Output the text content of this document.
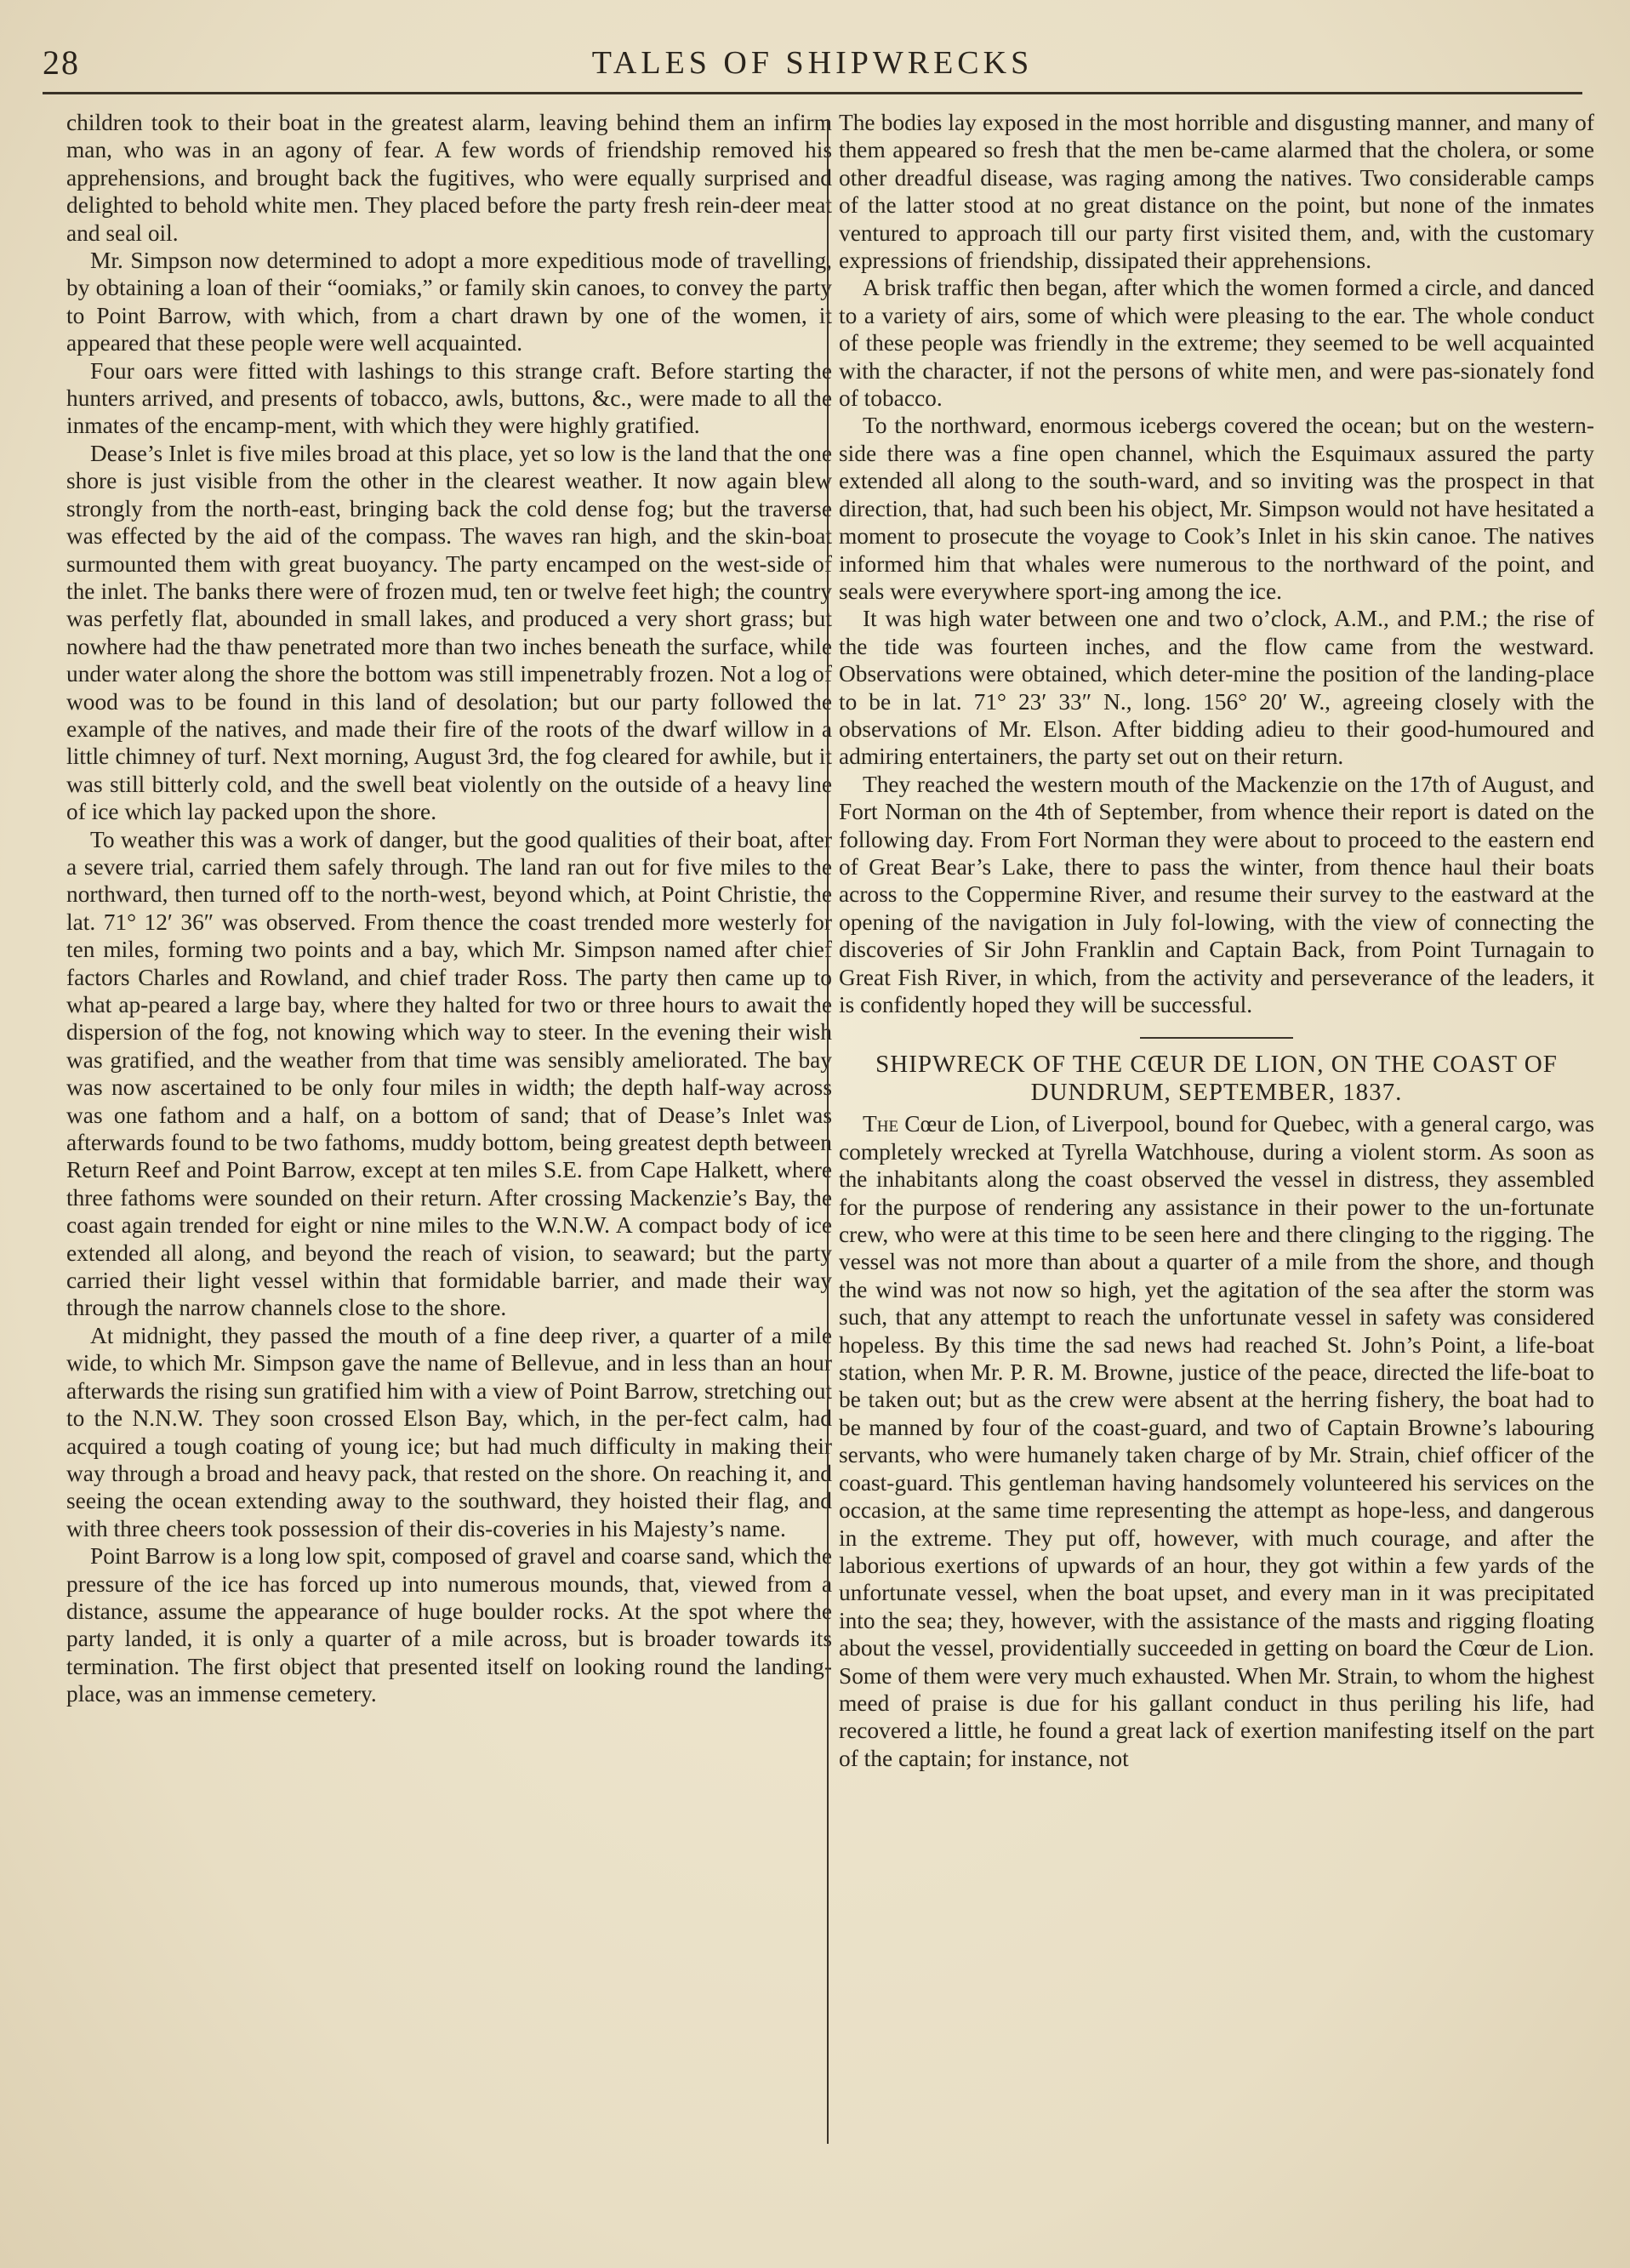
28	TALES OF SHIPWRECKS

children took to their boat in the greatest alarm, leaving behind them an infirm man, who was in an agony of fear. A few words of friendship removed his apprehensions, and brought back the fugitives, who were equally surprised and delighted to behold white men. They placed before the party fresh rein-deer meat and seal oil.

Mr. Simpson now determined to adopt a more expeditious mode of travelling, by obtaining a loan of their “oomiaks,” or family skin canoes, to convey the party to Point Barrow, with which, from a chart drawn by one of the women, it appeared that these people were well acquainted.

Four oars were fitted with lashings to this strange craft. Before starting the hunters arrived, and presents of tobacco, awls, buttons, &c., were made to all the inmates of the encamp-ment, with which they were highly gratified.

Dease’s Inlet is five miles broad at this place, yet so low is the land that the one shore is just visible from the other in the clearest weather. It now again blew strongly from the north-east, bringing back the cold dense fog; but the traverse was effected by the aid of the compass. The waves ran high, and the skin-boat surmounted them with great buoyancy. The party encamped on the west-side of the inlet. The banks there were of frozen mud, ten or twelve feet high; the country was perfetly flat, abounded in small lakes, and produced a very short grass; but nowhere had the thaw penetrated more than two inches beneath the surface, while under water along the shore the bottom was still impenetrably frozen. Not a log of wood was to be found in this land of desolation; but our party followed the example of the natives, and made their fire of the roots of the dwarf willow in a little chimney of turf. Next morning, August 3rd, the fog cleared for awhile, but it was still bitterly cold, and the swell beat violently on the outside of a heavy line of ice which lay packed upon the shore.

To weather this was a work of danger, but the good qualities of their boat, after a severe trial, carried them safely through. The land ran out for five miles to the northward, then turned off to the north-west, beyond which, at Point Christie, the lat. 71° 12′ 36″ was observed. From thence the coast trended more westerly for ten miles, forming two points and a bay, which Mr. Simpson named after chief factors Charles and Rowland, and chief trader Ross. The party then came up to what ap-peared a large bay, where they halted for two or three hours to await the dispersion of the fog, not knowing which way to steer. In the evening their wish was gratified, and the weather from that time was sensibly ameliorated. The bay was now ascertained to be only four miles in width; the depth half-way across was one fathom and a half, on a bottom of sand; that of Dease’s Inlet was afterwards found to be two fathoms, muddy bottom, being greatest depth between Return Reef and Point Barrow, except at ten miles S.E. from Cape Halkett, where three fathoms were sounded on their return. After crossing Mackenzie’s Bay, the coast again trended for eight or nine miles to the W.N.W. A compact body of ice extended all along, and beyond the reach of vision, to seaward; but the party carried their light vessel within that formidable barrier, and made their way through the narrow channels close to the shore.

At midnight, they passed the mouth of a fine deep river, a quarter of a mile wide, to which Mr. Simpson gave the name of Bellevue, and in less than an hour afterwards the rising sun gratified him with a view of Point Barrow, stretching out to the N.N.W. They soon crossed Elson Bay, which, in the per-fect calm, had acquired a tough coating of young ice; but had much difficulty in making their way through a broad and heavy pack, that rested on the shore. On reaching it, and seeing the ocean extending away to the southward, they hoisted their flag, and with three cheers took possession of their dis-coveries in his Majesty’s name.

Point Barrow is a long low spit, composed of gravel and coarse sand, which the pressure of the ice has forced up into numerous mounds, that, viewed from a distance, assume the appearance of huge boulder rocks. At the spot where the party landed, it is only a quarter of a mile across, but is broader towards its termination. The first object that presented itself on looking round the landing-place, was an immense cemetery.

The bodies lay exposed in the most horrible and disgusting manner, and many of them appeared so fresh that the men be-came alarmed that the cholera, or some other dreadful disease, was raging among the natives. Two considerable camps of the latter stood at no great distance on the point, but none of the inmates ventured to approach till our party first visited them, and, with the customary expressions of friendship, dissipated their apprehensions.

A brisk traffic then began, after which the women formed a circle, and danced to a variety of airs, some of which were pleasing to the ear. The whole conduct of these people was friendly in the extreme; they seemed to be well acquainted with the character, if not the persons of white men, and were pas-sionately fond of tobacco.

To the northward, enormous icebergs covered the ocean; but on the western-side there was a fine open channel, which the Esquimaux assured the party extended all along to the south-ward, and so inviting was the prospect in that direction, that, had such been his object, Mr. Simpson would not have hesitated a moment to prosecute the voyage to Cook’s Inlet in his skin canoe. The natives informed him that whales were numerous to the northward of the point, and seals were everywhere sport-ing among the ice.

It was high water between one and two o’clock, A.M., and P.M.; the rise of the tide was fourteen inches, and the flow came from the westward. Observations were obtained, which deter-mine the position of the landing-place to be in lat. 71° 23′ 33″ N., long. 156° 20′ W., agreeing closely with the observations of Mr. Elson. After bidding adieu to their good-humoured and admiring entertainers, the party set out on their return.

They reached the western mouth of the Mackenzie on the 17th of August, and Fort Norman on the 4th of September, from whence their report is dated on the following day. From Fort Norman they were about to proceed to the eastern end of Great Bear’s Lake, there to pass the winter, from thence haul their boats across to the Coppermine River, and resume their survey to the eastward at the opening of the navigation in July fol-lowing, with the view of connecting the discoveries of Sir John Franklin and Captain Back, from Point Turnagain to Great Fish River, in which, from the activity and perseverance of the leaders, it is confidently hoped they will be successful.

SHIPWRECK OF THE CŒUR DE LION, ON THE COAST OF DUNDRUM, SEPTEMBER, 1837.

The Cœur de Lion, of Liverpool, bound for Quebec, with a general cargo, was completely wrecked at Tyrella Watchhouse, during a violent storm. As soon as the inhabitants along the coast observed the vessel in distress, they assembled for the purpose of rendering any assistance in their power to the un-fortunate crew, who were at this time to be seen here and there clinging to the rigging. The vessel was not more than about a quarter of a mile from the shore, and though the wind was not now so high, yet the agitation of the sea after the storm was such, that any attempt to reach the unfortunate vessel in safety was considered hopeless. By this time the sad news had reached St. John’s Point, a life-boat station, when Mr. P. R. M. Browne, justice of the peace, directed the life-boat to be taken out; but as the crew were absent at the herring fishery, the boat had to be manned by four of the coast-guard, and two of Captain Browne’s labouring servants, who were humanely taken charge of by Mr. Strain, chief officer of the coast-guard. This gentleman having handsomely volunteered his services on the occasion, at the same time representing the attempt as hope-less, and dangerous in the extreme. They put off, however, with much courage, and after the laborious exertions of upwards of an hour, they got within a few yards of the unfortunate vessel, when the boat upset, and every man in it was precipitated into the sea; they, however, with the assistance of the masts and rigging floating about the vessel, providentially succeeded in getting on board the Cœur de Lion. Some of them were very much exhausted. When Mr. Strain, to whom the highest meed of praise is due for his gallant conduct in thus periling his life, had recovered a little, he found a great lack of exertion manifesting itself on the part of the captain; for instance, not
